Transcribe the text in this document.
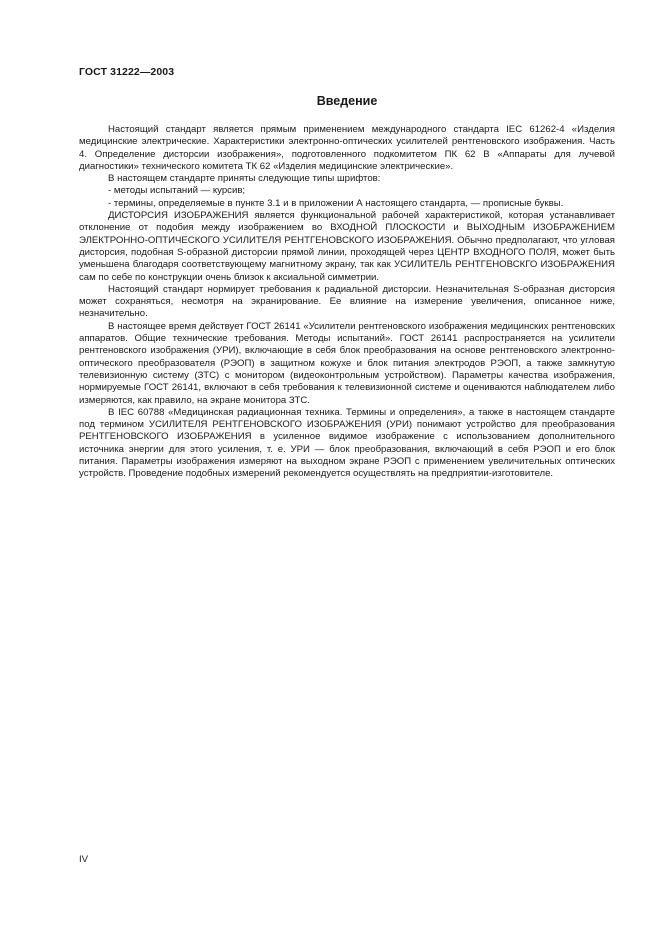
ГОСТ 31222—2003
Введение

Настоящий стандарт является прямым применением международного стандарта IEC 61262-4 «Изделия медицинские электрические. Характеристики электронно-оптических усилителей рентгеновского изображения. Часть 4. Определение дисторсии изображения», подготовленного подкомитетом ПК 62 В «Аппараты для лучевой диагностики» технического комитета ТК 62 «Изделия медицинские электрические».

В настоящем стандарте приняты следующие типы шрифтов:

- методы испытаний — курсив;

- термины, определяемые в пункте 3.1 и в приложении А настоящего стандарта, — прописные буквы.

ДИСТОРСИЯ ИЗОБРАЖЕНИЯ является функциональной рабочей характеристикой, которая устанавливает отклонение от подобия между изображением во ВХОДНОЙ ПЛОСКОСТИ и ВЫХОДНЫМ ИЗОБРАЖЕНИЕМ ЭЛЕКТРОННО-ОПТИЧЕСКОГО УСИЛИТЕЛЯ РЕНТГЕНОВСКОГО ИЗОБРАЖЕНИЯ. Обычно предполагают, что угловая дисторсия, подобная S-образной дисторсии прямой линии, проходящей через ЦЕНТР ВХОДНОГО ПОЛЯ, может быть уменьшена благодаря соответствующему магнитному экрану, так как УСИЛИТЕЛЬ РЕНТГЕНОВСКГО ИЗОБРАЖЕНИЯ сам по себе по конструкции очень близок к аксиальной симметрии.

Настоящий стандарт нормирует требования к радиальной дисторсии. Незначительная S-образная дисторсия может сохраняться, несмотря на экранирование. Ее влияние на измерение увеличения, описанное ниже, незначительно.

В настоящее время действует ГОСТ 26141 «Усилители рентгеновского изображения медицинских рентгеновских аппаратов. Общие технические требования. Методы испытаний». ГОСТ 26141 распространяется на усилители рентгеновского изображения (УРИ), включающие в себя блок преобразования на основе рентгеновского электронно-оптического преобразователя (РЭОП) в защитном кожухе и блок питания электродов РЭОП, а также замкнутую телевизионную систему (ЗТС) с монитором (видеоконтрольным устройством). Параметры качества изображения, нормируемые ГОСТ 26141, включают в себя требования к телевизионной системе и оцениваются наблюдателем либо измеряются, как правило, на экране монитора ЗТС.

В IEC 60788 «Медицинская радиационная техника. Термины и определения», а также в настоящем стандарте под термином УСИЛИТЕЛЯ РЕНТГЕНОВСКОГО ИЗОБРАЖЕНИЯ (УРИ) понимают устройство для преобразования РЕНТГЕНОВСКОГО ИЗОБРАЖЕНИЯ в усиленное видимое изображение с использованием дополнительного источника энергии для этого усиления, т. е. УРИ — блок преобразования, включающий в себя РЭОП и его блок питания. Параметры изображения измеряют на выходном экране РЭОП с применением увеличительных оптических устройств. Проведение подобных измерений рекомендуется осуществлять на предприятии-изготовителе.

IV
